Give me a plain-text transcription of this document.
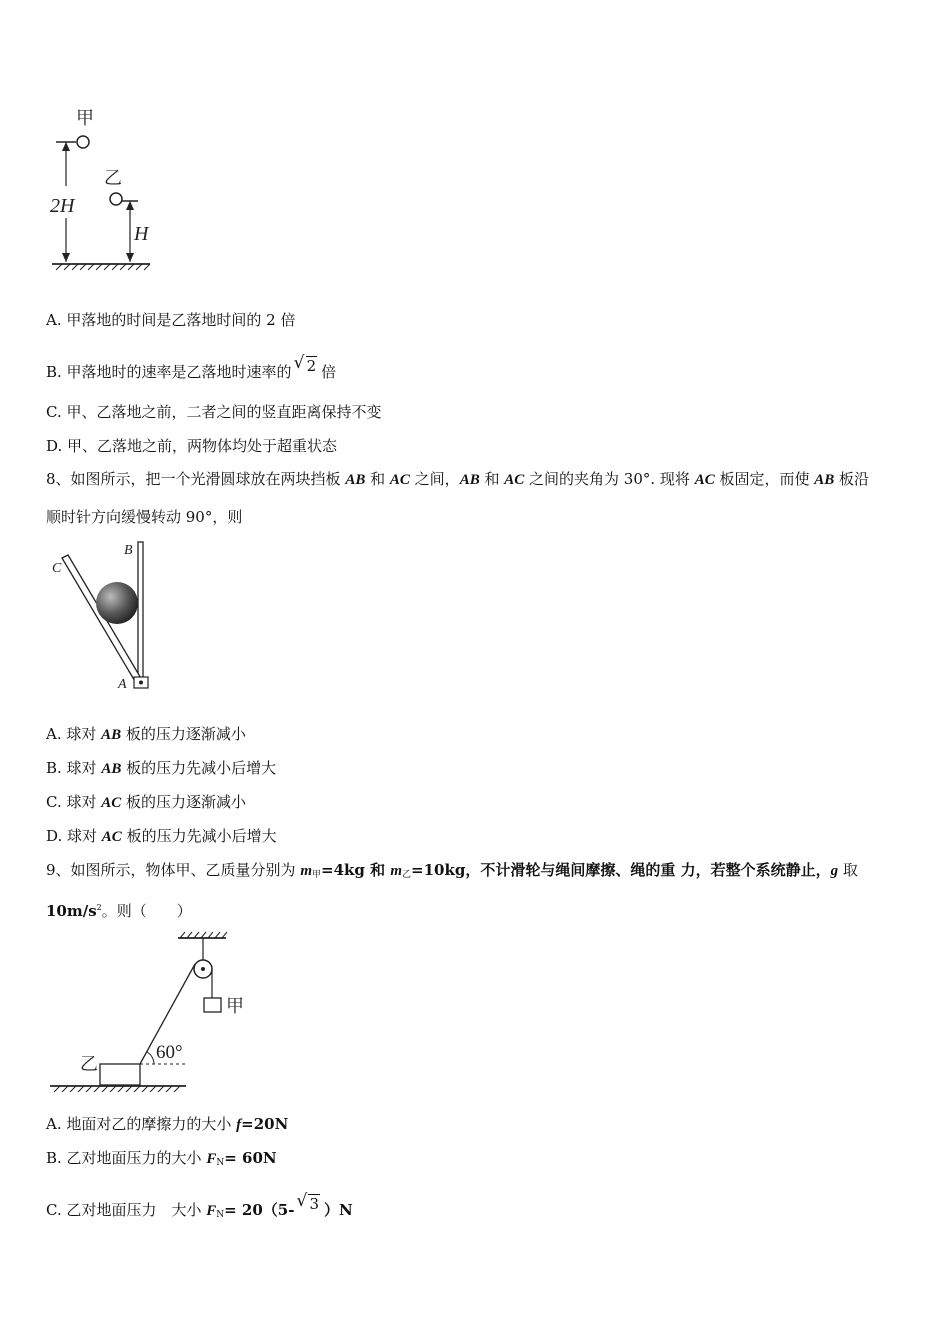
甲
2H
乙
H
A. 甲落地的时间是乙落地时间的 2 倍
B. 甲落地时的速率是乙落地时速率的√ 2 倍
C. 甲、乙落地之前，二者之间的竖直距离保持不变
D. 甲、乙落地之前，两物体均处于超重状态
8、如图所示，把一个光滑圆球放在两块挡板 AB 和 AC 之间，AB 和 AC 之间的夹角为 30°. 现将 AC 板固定，而使 AB 板沿
顺时针方向缓慢转动 90°，则
B
C
A
A. 球对 AB 板的压力逐渐减小
B. 球对 AB 板的压力先减小后增大
C. 球对 AC 板的压力逐渐减小
D. 球对 AC 板的压力先减小后增大
9、如图所示，物体甲、乙质量分别为 $m_甲=4kg$ 和 $m_乙=10kg$，不计滑轮与绳间摩擦、绳的重 力，若整个系统静止，g 取
$10m/s^2$。则（　　）
甲
乙
60°
A. 地面对乙的摩擦力的大小 f=20N
B. 乙对地面压力的大小 $F_N= 60N$
C. 乙对地面压力　大小 $F_N= 20(5-√$ 3 ）N
